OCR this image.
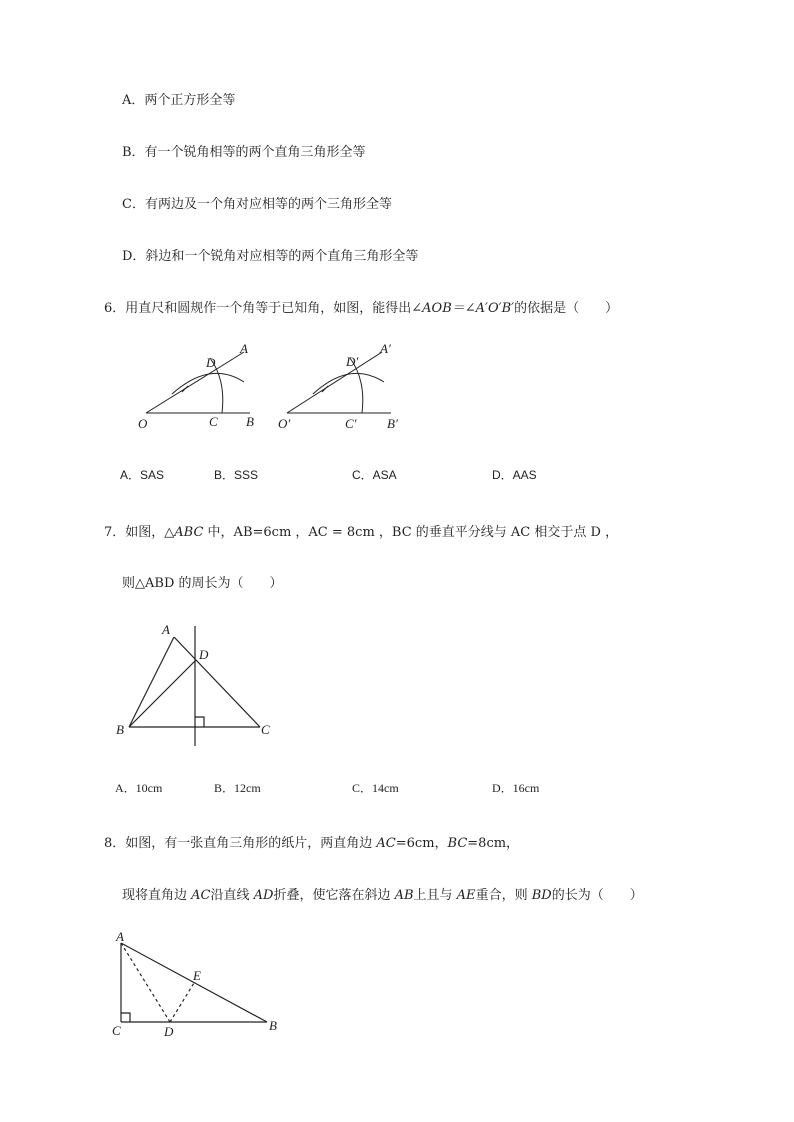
A．两个正方形全等
B．有一个锐角相等的两个直角三角形全等
C．有两边及一个角对应相等的两个三角形全等
D．斜边和一个锐角对应相等的两个直角三角形全等
6．用直尺和圆规作一个角等于已知角，如图，能得出∠AOB＝∠A′O′B′的依据是（　　）
A
D
O	C B
A′
D′
O′	C′ B′
A．SAS	B．SSS	C．ASA	D．AAS
7．如图，△ABC 中，AB=6cm ，AC = 8cm ，BC 的垂直平分线与 AC 相交于点 D ，
则△ABD 的周长为（　　）
A
D
B	C
A．10cm	B．12cm	C．14cm	D．16cm
8．如图，有一张直角三角形的纸片，两直角边 AC=6cm，BC=8cm，
现将直角边 AC沿直线 AD折叠，使它落在斜边 AB上且与 AE重合，则 BD的长为（　　）
A
E
C	D	B
